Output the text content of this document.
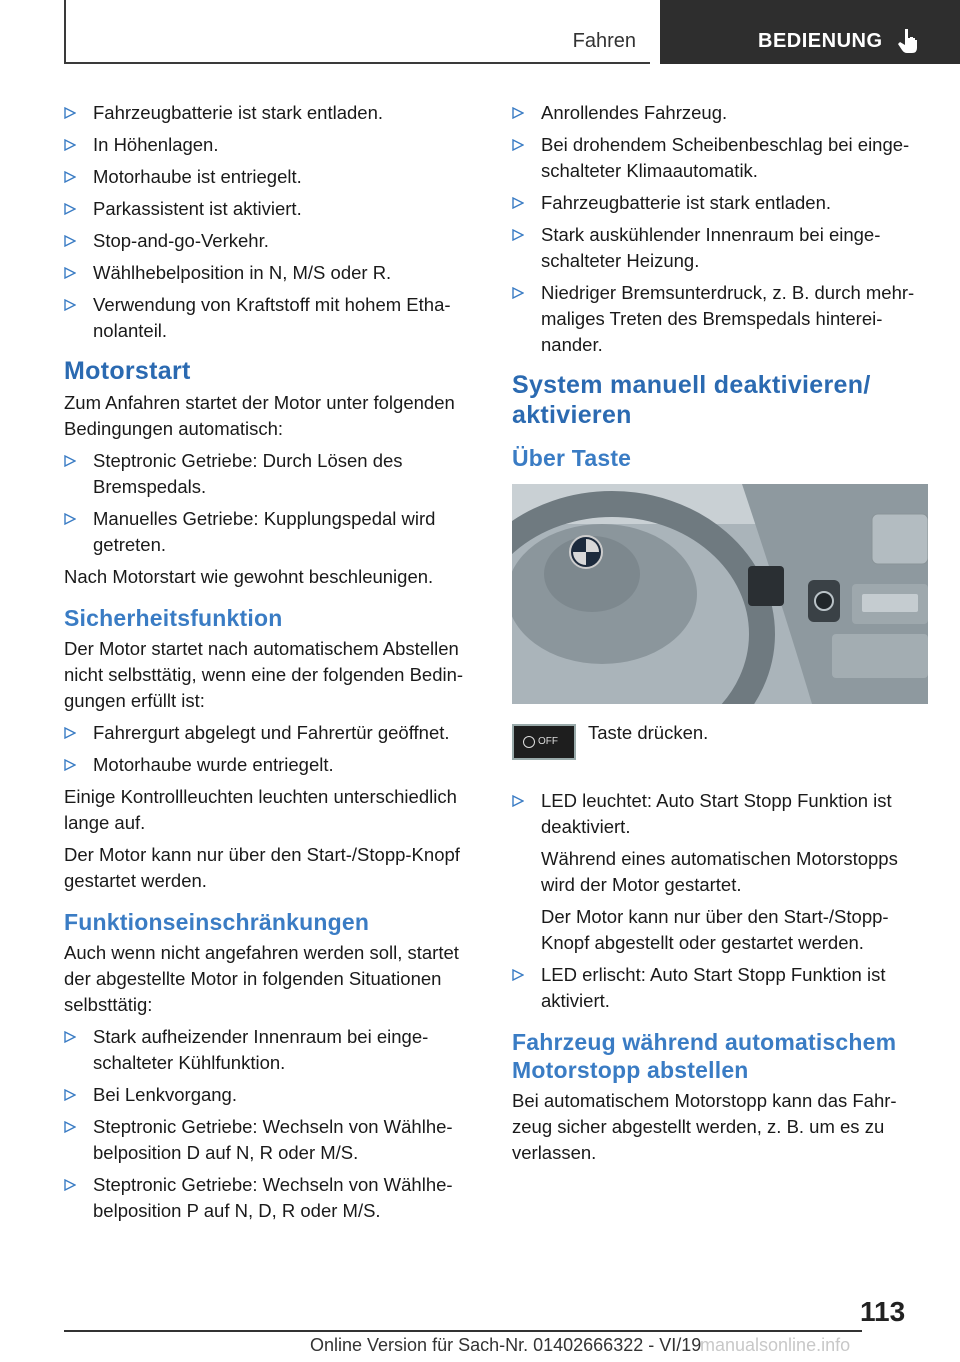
Fahren	BEDIENUNG
Fahrzeugbatterie ist stark entladen.
In Höhenlagen.
Motorhaube ist entriegelt.
Parkassistent ist aktiviert.
Stop-and-go-Verkehr.
Wählhebelposition in N, M/S oder R.
Verwendung von Kraftstoff mit hohem Etha-nolanteil.
Motorstart

Zum Anfahren startet der Motor unter folgenden Bedingungen automatisch:

Steptronic Getriebe: Durch Lösen des Bremspedals.
Manuelles Getriebe: Kupplungspedal wird getreten.

Nach Motorstart wie gewohnt beschleunigen.

Sicherheitsfunktion

Der Motor startet nach automatischem Abstellen nicht selbsttätig, wenn eine der folgenden Bedin-gungen erfüllt ist:

Fahrergurt abgelegt und Fahrertür geöffnet.
Motorhaube wurde entriegelt.

Einige Kontrollleuchten leuchten unterschiedlich lange auf.

Der Motor kann nur über den Start-/Stopp-Knopf gestartet werden.

Funktionseinschränkungen

Auch wenn nicht angefahren werden soll, startet der abgestellte Motor in folgenden Situationen selbsttätig:

Stark aufheizender Innenraum bei einge-schalteter Kühlfunktion.
Bei Lenkvorgang.
Steptronic Getriebe: Wechseln von Wählhe-belposition D auf N, R oder M/S.
Steptronic Getriebe: Wechseln von Wählhe-belposition P auf N, D, R oder M/S.
Anrollendes Fahrzeug.
Bei drohendem Scheibenbeschlag bei einge-schalteter Klimaautomatik.
Fahrzeugbatterie ist stark entladen.
Stark auskühlender Innenraum bei einge-schalteter Heizung.
Niedriger Bremsunterdruck, z. B. durch mehr-maliges Treten des Bremspedals hinterei-nander.
System manuell deaktivieren/ aktivieren
Über Taste
OFF Taste drücken.
LED leuchtet: Auto Start Stopp Funktion ist deaktiviert.

Während eines automatischen Motorstopps wird der Motor gestartet.

Der Motor kann nur über den Start-/Stopp-Knopf abgestellt oder gestartet werden.

LED erlischt: Auto Start Stopp Funktion ist aktiviert.
Fahrzeug während automatischem Motorstopp abstellen

Bei automatischem Motorstopp kann das Fahr-zeug sicher abgestellt werden, z. B. um es zu verlassen.

113
Online Version für Sach-Nr. 01402666322 - VI/19
manualsonline.info
